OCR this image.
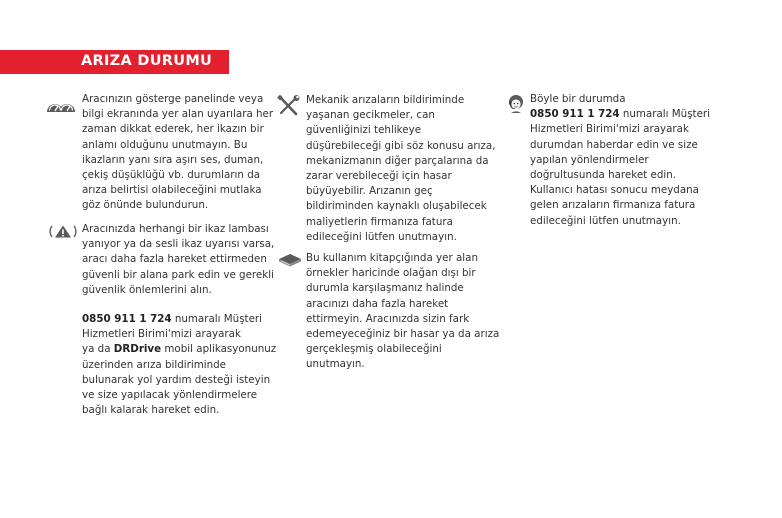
ARIZA DURUMU
Aracınızın gösterge panelinde veya
bilgi ekranında yer alan uyarılara her
zaman dikkat ederek, her ikazın bir
anlamı olduğunu unutmayın. Bu
ikazların yanı sıra aşırı ses, duman,
çekiş düşüklüğü vb. durumların da
arıza belirtisi olabileceğini mutlaka
göz önünde bulundurun.
Aracınızda herhangi bir ikaz lambası
yanıyor ya da sesli ikaz uyarısı varsa,
aracı daha fazla hareket ettirmeden
güvenli bir alana park edin ve gerekli
güvenlik önlemlerini alın.
0850 911 1 724 numaralı Müşteri
Hizmetleri Birimi'mizi arayarak
ya da DRDrive mobil aplikasyonunuz
üzerinden arıza bildiriminde
bulunarak yol yardım desteği isteyin
ve size yapılacak yönlendirmelere
bağlı kalarak hareket edin.
Mekanik arızaların bildiriminde
yaşanan gecikmeler, can
güvenliğinizi tehlikeye
düşürebileceği gibi söz konusu arıza,
mekanizmanın diğer parçalarına da
zarar verebileceği için hasar
büyüyebilir. Arızanın geç
bildiriminden kaynaklı oluşabilecek
maliyetlerin firmanıza fatura
edileceğini lütfen unutmayın.
Bu kullanım kitapçığında yer alan
örnekler haricinde olağan dışı bir
durumla karşılaşmanız halinde
aracınızı daha fazla hareket
ettirmeyin. Aracınızda sizin fark
edemeyeceğiniz bir hasar ya da arıza
gerçekleşmiş olabileceğini
unutmayın.
Böyle bir durumda
0850 911 1 724 numaralı Müşteri
Hizmetleri Birimi'mizi arayarak
durumdan haberdar edin ve size
yapılan yönlendirmeler
doğrultusunda hareket edin.
Kullanıcı hatası sonucu meydana
gelen arızaların firmanıza fatura
edileceğini lütfen unutmayın.
